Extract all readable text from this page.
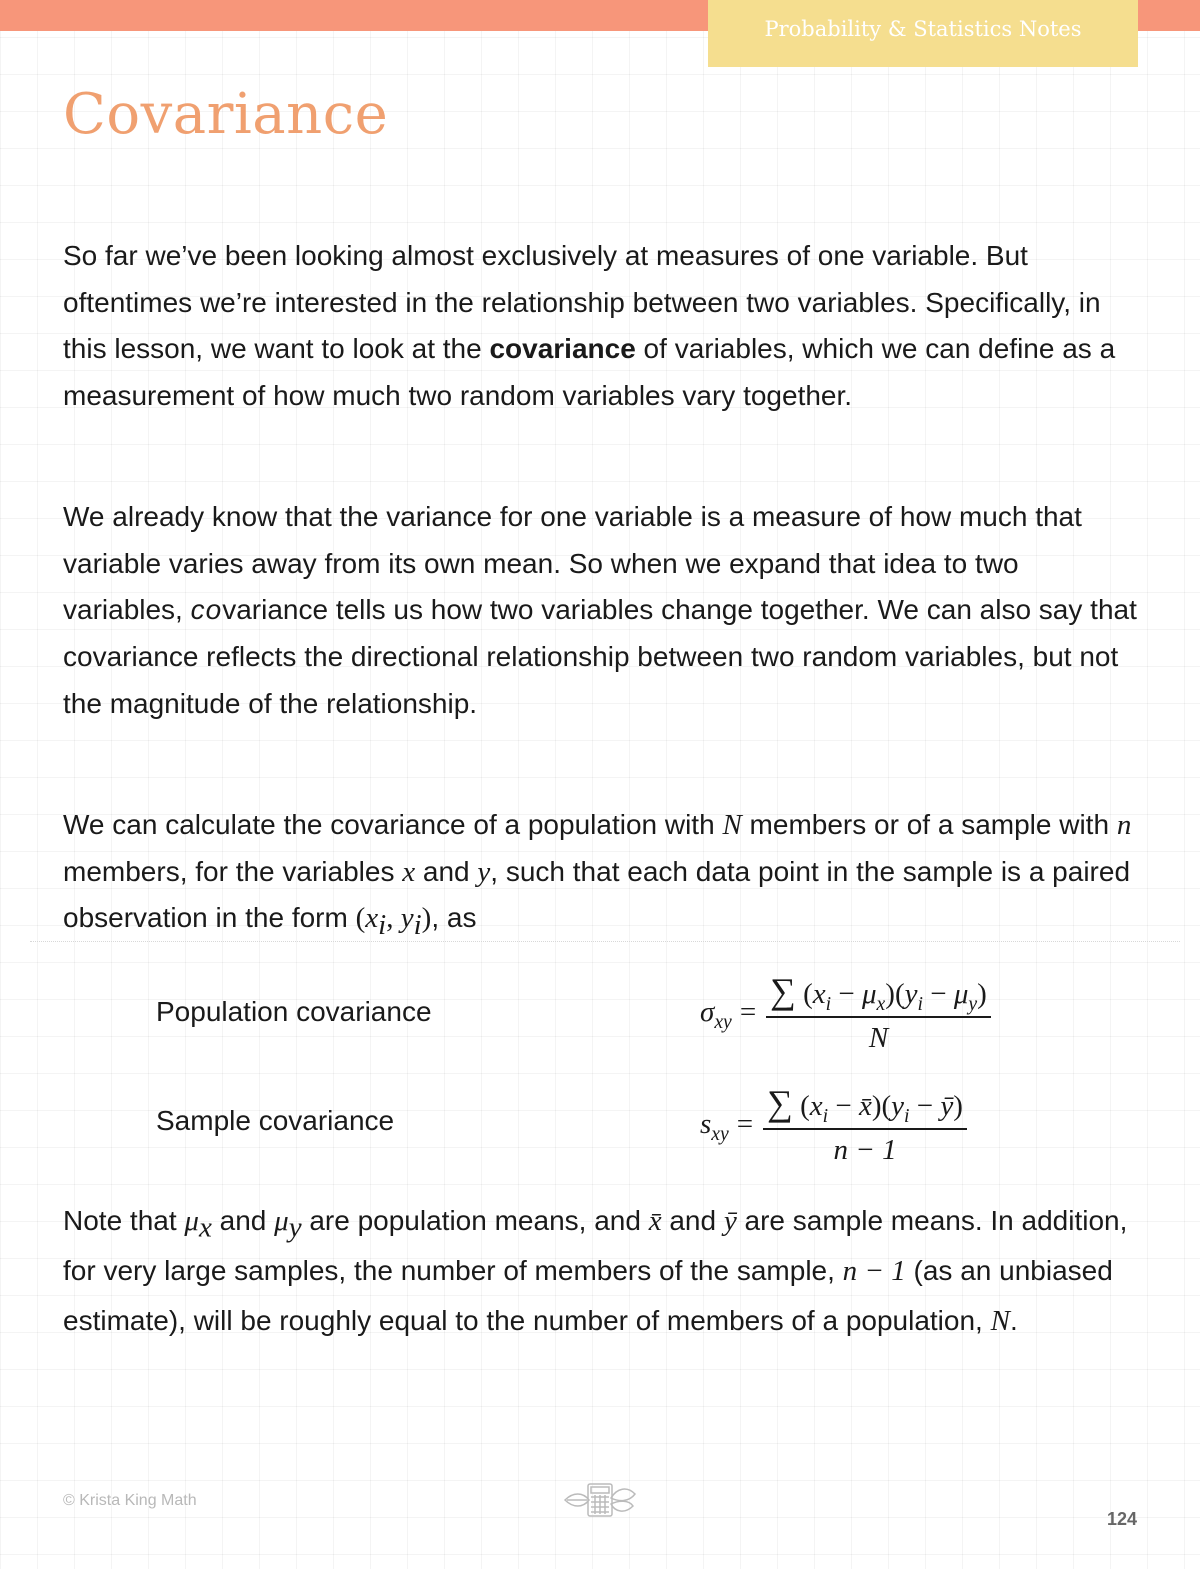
Probability & Statistics Notes
Covariance

So far we’ve been looking almost exclusively at measures of one variable. But oftentimes we’re interested in the relationship between two variables. Specifically, in this lesson, we want to look at the covariance of variables, which we can define as a measurement of how much two random variables vary together.

We already know that the variance for one variable is a measure of how much that variable varies away from its own mean. So when we expand that idea to two variables, covariance tells us how two variables change together. We can also say that covariance reflects the directional relationship between two random variables, but not the magnitude of the relationship.

We can calculate the covariance of a population with N members or of a sample with n members, for the variables x and y, such that each data point in the sample is a paired observation in the form ($x_i$, $y_i$), as

Population covariance	$\sigma_{xy} = \frac{\sum (x_i - \mu_x)(y_i - \mu_y)}{N}$

Sample covariance	$s_{xy} = \frac{\sum (x_i - x̄)(y_i - ȳ)}{n - 1}$

Note that $\mu_x$ and $\mu_y$ are population means, and x̄ and ȳ are sample means. In addition, for very large samples, the number of members of the sample, n − 1 (as an unbiased estimate), will be roughly equal to the number of members of a population, N.

© Krista King Math

124
